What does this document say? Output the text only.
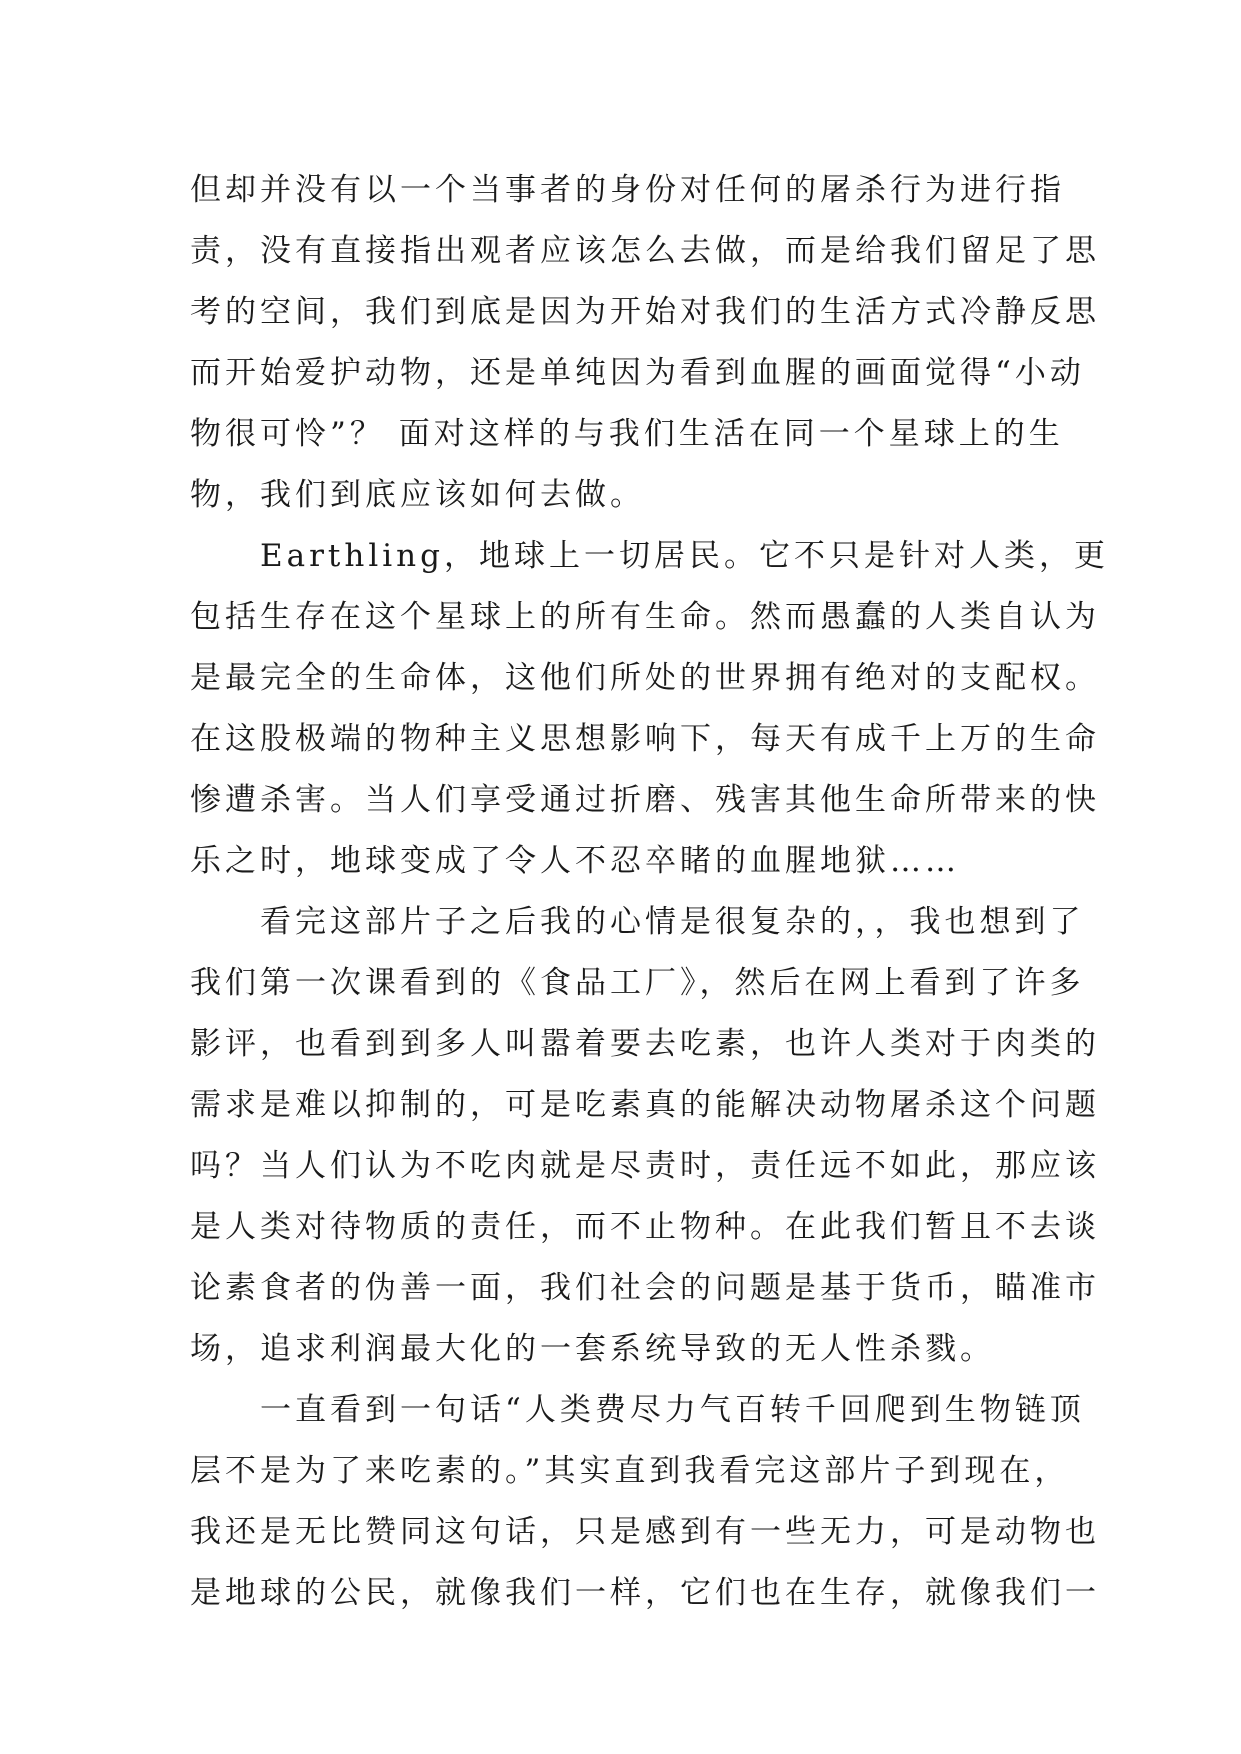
但却并没有以一个当事者的身份对任何的屠杀行为进行指
责，没有直接指出观者应该怎么去做，而是给我们留足了思
考的空间，我们到底是因为开始对我们的生活方式冷静反思
而开始爱护动物，还是单纯因为看到血腥的画面觉得“小动
物很可怜”？ 面对这样的与我们生活在同一个星球上的生
物，我们到底应该如何去做。
　　Earthling，地球上一切居民。它不只是针对人类，更
包括生存在这个星球上的所有生命。然而愚蠢的人类自认为
是最完全的生命体，这他们所处的世界拥有绝对的支配权。
在这股极端的物种主义思想影响下，每天有成千上万的生命
惨遭杀害。当人们享受通过折磨、残害其他生命所带来的快
乐之时，地球变成了令人不忍卒睹的血腥地狱……
　　看完这部片子之后我的心情是很复杂的，，我也想到了
我们第一次课看到的《食品工厂》，然后在网上看到了许多
影评，也看到到多人叫嚣着要去吃素，也许人类对于肉类的
需求是难以抑制的，可是吃素真的能解决动物屠杀这个问题
吗？当人们认为不吃肉就是尽责时，责任远不如此，那应该
是人类对待物质的责任，而不止物种。在此我们暂且不去谈
论素食者的伪善一面，我们社会的问题是基于货币，瞄准市
场，追求利润最大化的一套系统导致的无人性杀戮。
　　一直看到一句话“人类费尽力气百转千回爬到生物链顶
层不是为了来吃素的。”其实直到我看完这部片子到现在，
我还是无比赞同这句话，只是感到有一些无力，可是动物也
是地球的公民，就像我们一样，它们也在生存，就像我们一
